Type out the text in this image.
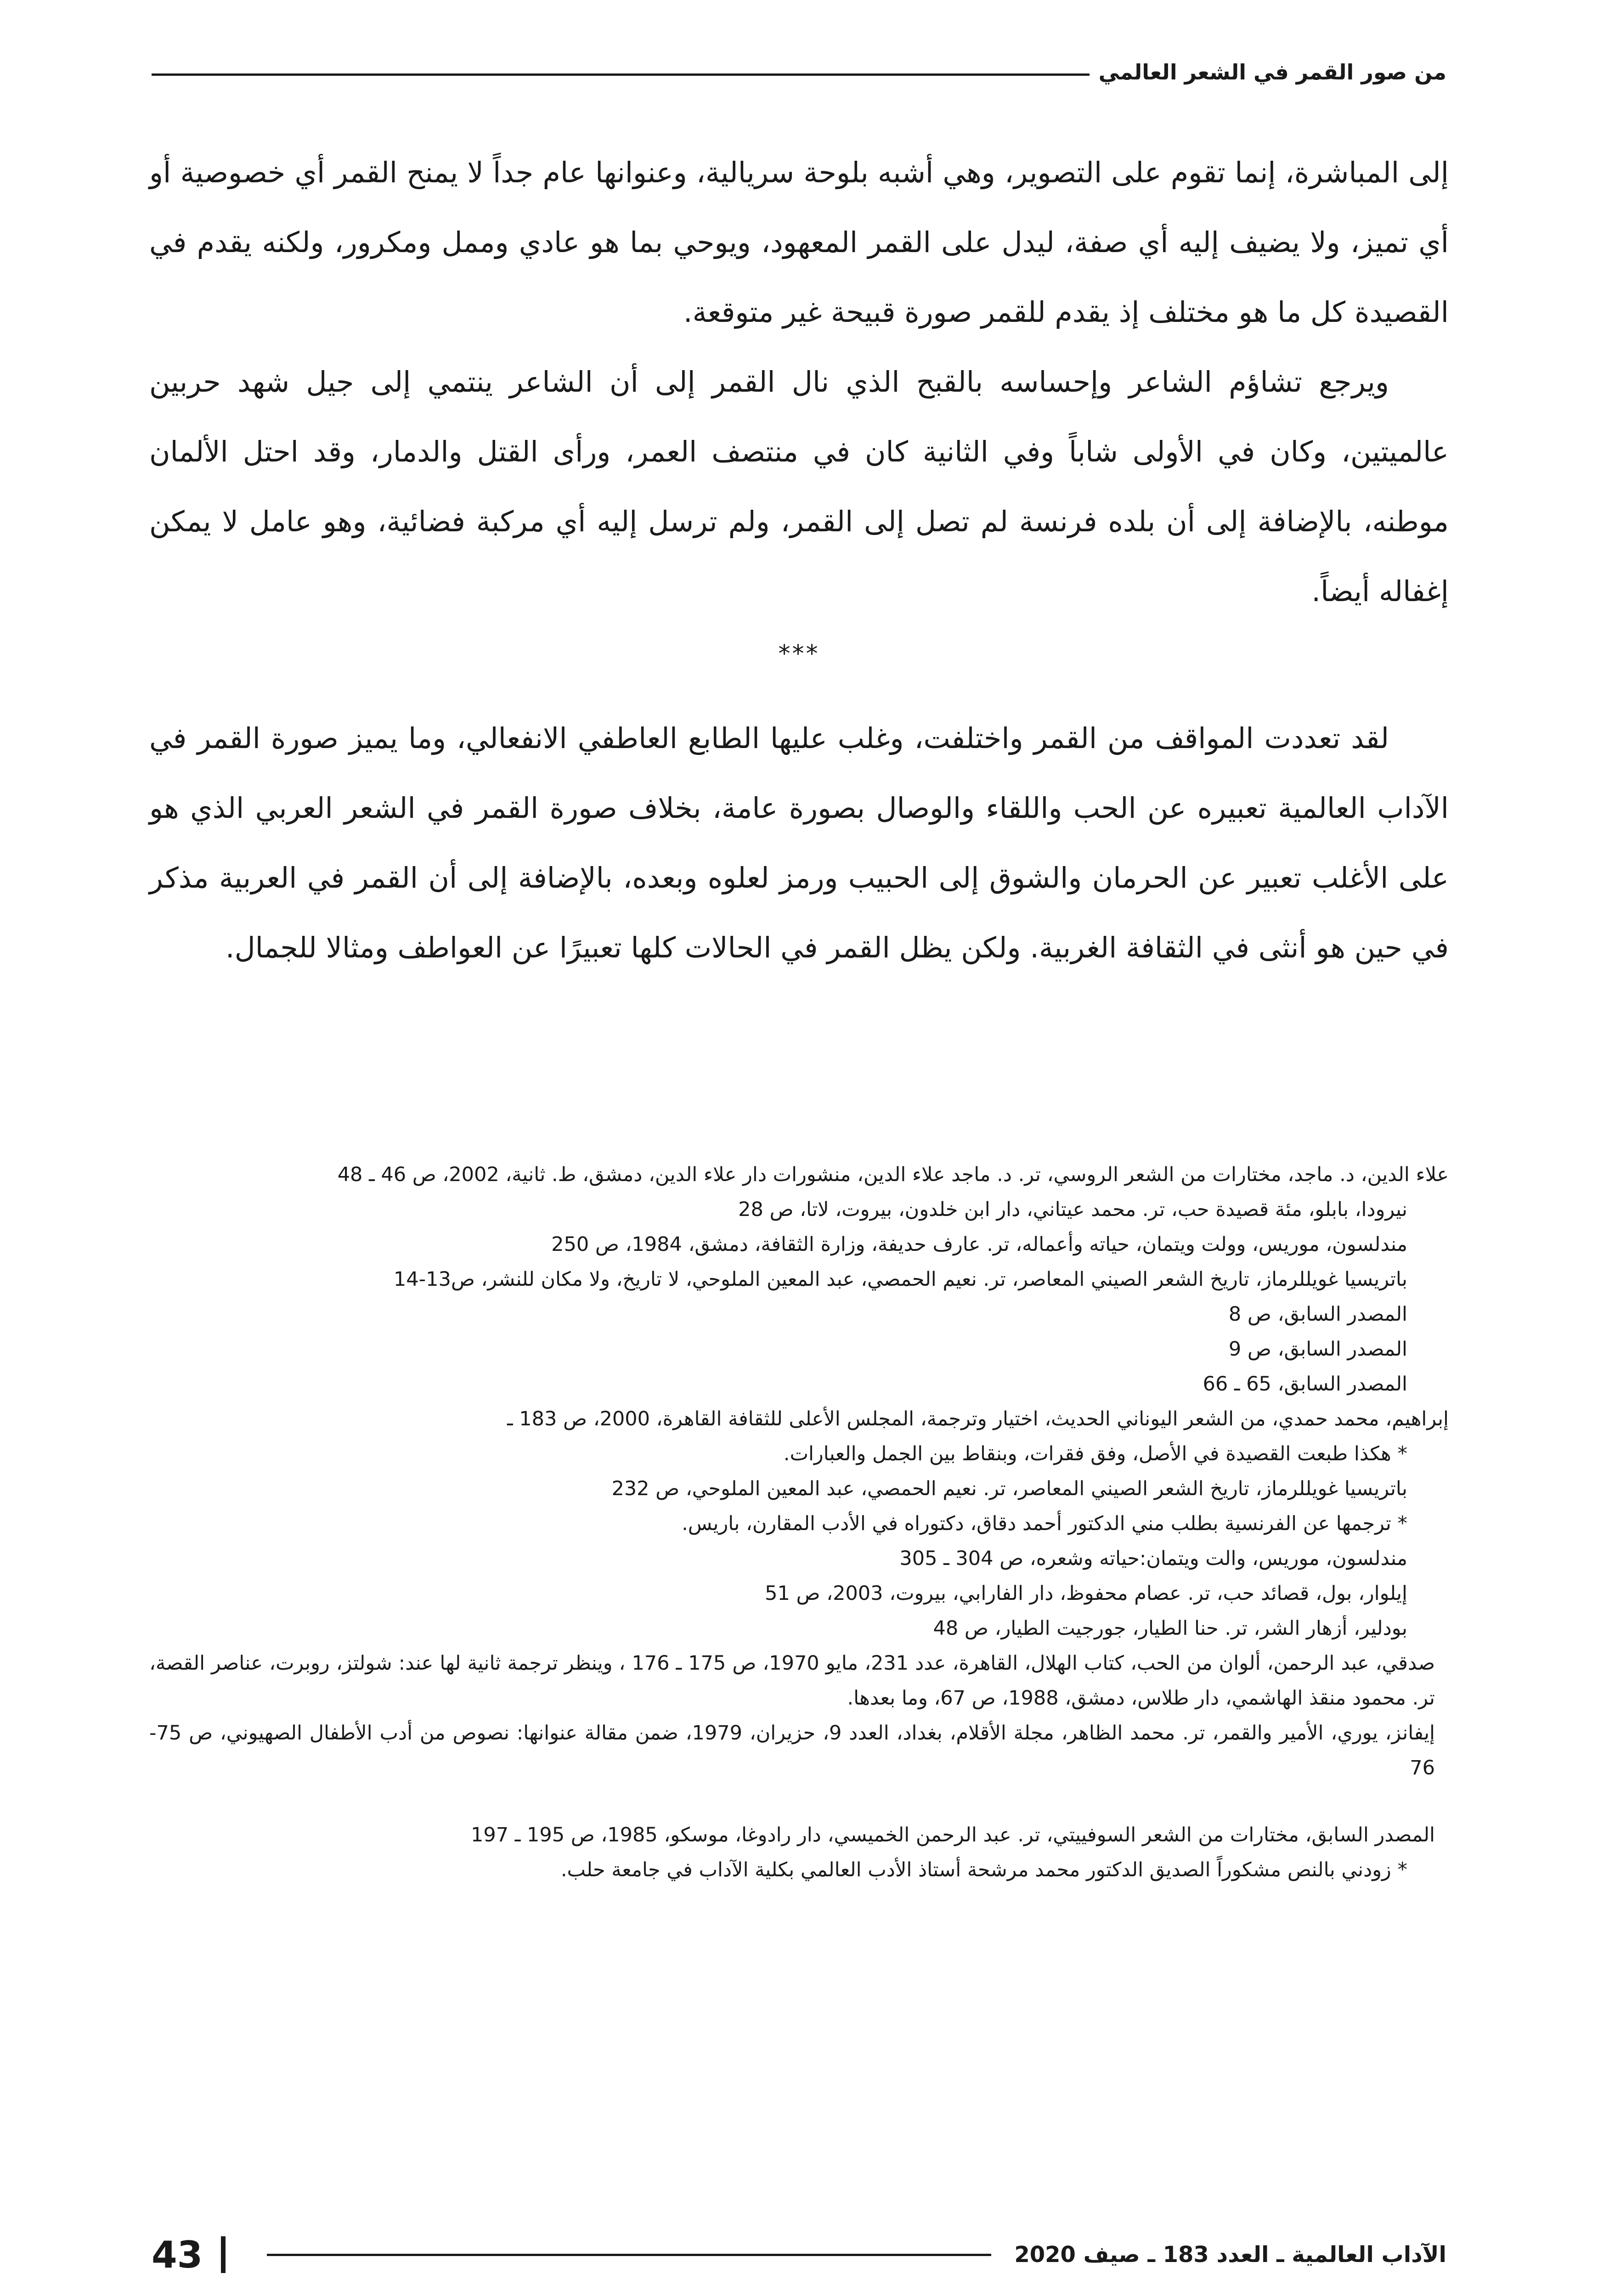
من صور القمر في الشعر العالمي

إلى المباشرة، إنما تقوم على التصوير، وهي أشبه بلوحة سريالية، وعنوانها عام جداً لا يمنح القمر أي خصوصية أو أي تميز، ولا يضيف إليه أي صفة، ليدل على القمر المعهود، ويوحي بما هو عادي وممل ومكرور، ولكنه يقدم في القصيدة كل ما هو مختلف إذ يقدم للقمر صورة قبيحة غير متوقعة.

ويرجع تشاؤم الشاعر وإحساسه بالقبح الذي نال القمر إلى أن الشاعر ينتمي إلى جيل شهد حربين عالميتين، وكان في الأولى شاباً وفي الثانية كان في منتصف العمر، ورأى القتل والدمار، وقد احتل الألمان موطنه، بالإضافة إلى أن بلده فرنسة لم تصل إلى القمر، ولم ترسل إليه أي مركبة فضائية، وهو عامل لا يمكن إغفاله أيضاً.

***

لقد تعددت المواقف من القمر واختلفت، وغلب عليها الطابع العاطفي الانفعالي، وما يميز صورة القمر في الآداب العالمية تعبيره عن الحب واللقاء والوصال بصورة عامة، بخلاف صورة القمر في الشعر العربي الذي هو على الأغلب تعبير عن الحرمان والشوق إلى الحبيب ورمز لعلوه وبعده، بالإضافة إلى أن القمر في العربية مذكر في حين هو أنثى في الثقافة الغربية. ولكن يظل القمر في الحالات كلها تعبيرًا عن العواطف ومثالا للجمال.

علاء الدين، د. ماجد، مختارات من الشعر الروسي، تر. د. ماجد علاء الدين، منشورات دار علاء الدين، دمشق، ط. ثانية، 2002، ص 46 ـ 48

نيرودا، بابلو، مئة قصيدة حب، تر. محمد عيتاني، دار ابن خلدون، بيروت، لاتا، ص 28

مندلسون، موريس، وولت ويتمان، حياته وأعماله، تر. عارف حديفة، وزارة الثقافة، دمشق، 1984، ص 250

باتريسيا غويللرماز، تاريخ الشعر الصيني المعاصر، تر. نعيم الحمصي، عبد المعين الملوحي، لا تاريخ، ولا مكان للنشر، ص13-14

المصدر السابق، ص 8

المصدر السابق، ص 9

المصدر السابق، 65 ـ 66

إبراهيم، محمد حمدي، من الشعر اليوناني الحديث، اختيار وترجمة، المجلس الأعلى للثقافة القاهرة، 2000، ص 183 ـ

* هكذا طبعت القصيدة في الأصل، وفق فقرات، وبنقاط بين الجمل والعبارات.

باتريسيا غويللرماز، تاريخ الشعر الصيني المعاصر، تر. نعيم الحمصي، عبد المعين الملوحي، ص 232

* ترجمها عن الفرنسية بطلب مني الدكتور أحمد دقاق، دكتوراه في الأدب المقارن، باريس.

مندلسون، موريس، والت ويتمان:حياته وشعره، ص 304 ـ 305

إيلوار، بول، قصائد حب، تر. عصام محفوظ، دار الفارابي، بيروت، 2003، ص 51

بودلير، أزهار الشر، تر. حنا الطيار، جورجيت الطيار، ص 48

صدقي، عبد الرحمن، ألوان من الحب، كتاب الهلال، القاهرة، عدد 231، مايو 1970، ص 175 ـ 176 ، وينظر ترجمة ثانية لها عند: شولتز، روبرت، عناصر القصة، تر. محمود منقذ الهاشمي، دار طلاس، دمشق، 1988، ص 67، وما بعدها.

إيفانز، يوري، الأمير والقمر، تر. محمد الظاهر، مجلة الأقلام، بغداد، العدد 9، حزيران، 1979، ضمن مقالة عنوانها: نصوص من أدب الأطفال الصهيوني، ص 75-76

المصدر السابق، مختارات من الشعر السوفييتي، تر. عبد الرحمن الخميسي، دار رادوغا، موسكو، 1985، ص 195 ـ 197

* زودني بالنص مشكوراً الصديق الدكتور محمد مرشحة أستاذ الأدب العالمي بكلية الآداب في جامعة حلب.

الآداب العالمية ـ العدد 183 ـ صيف 2020
43
